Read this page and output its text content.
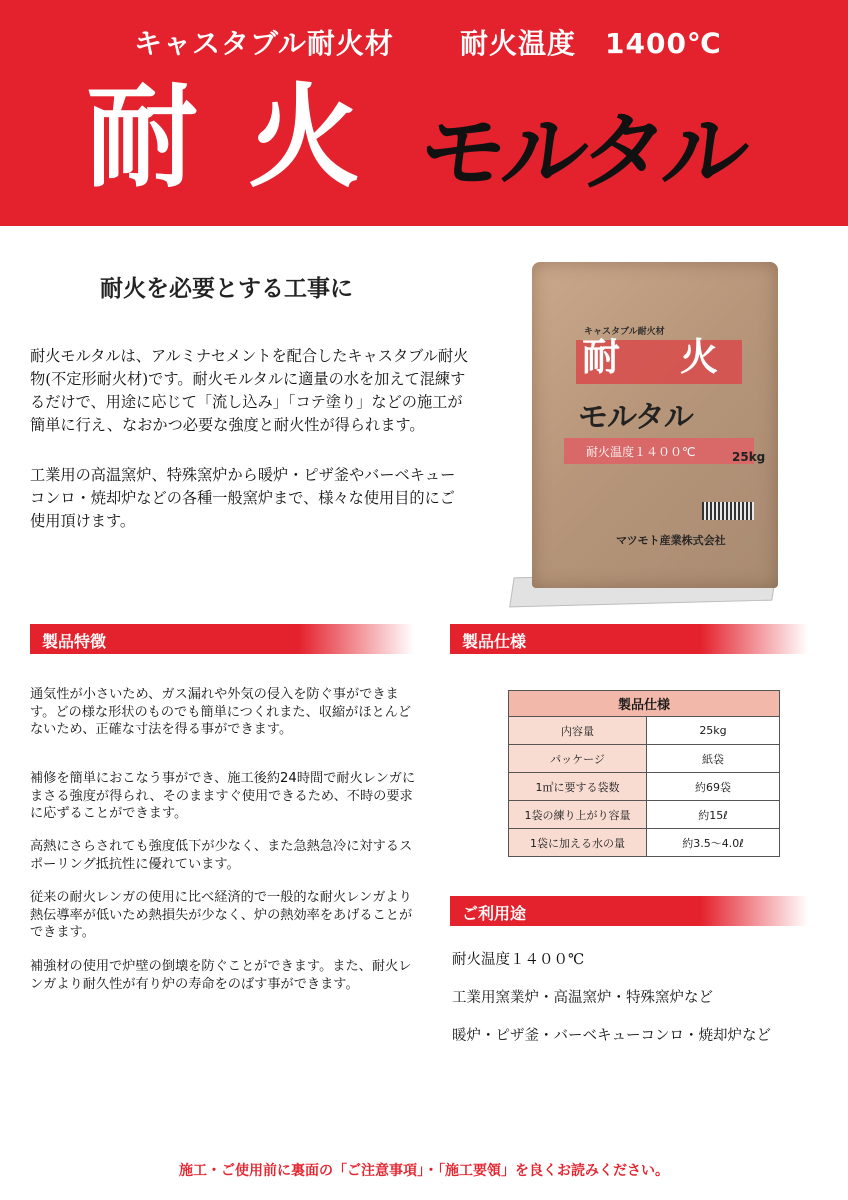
キャスタブル耐火材 耐火温度　1400℃
耐 火 モルタル
耐火を必要とする工事に
耐火モルタルは、アルミナセメントを配合したキャスタブル耐火物(不定形耐火材)です。耐火モルタルに適量の水を加えて混練するだけで、用途に応じて「流し込み」「コテ塗り」などの施工が簡単に行え、なおかつ必要な強度と耐火性が得られます。
工業用の高温窯炉、特殊窯炉から暖炉・ピザ釜やバーベキューコンロ・焼却炉などの各種一般窯炉まで、様々な使用目的にご使用頂けます。
キャスタブル耐火材
耐 火
モルタル
耐火温度１４００℃	25kg
マツモト産業株式会社
製品特徴
通気性が小さいため、ガス漏れや外気の侵入を防ぐ事ができます。どの様な形状のものでも簡単につくれまた、収縮がほとんどないため、正確な寸法を得る事ができます。
補修を簡単におこなう事ができ、施工後約24時間で耐火レンガにまさる強度が得られ、そのまますぐ使用できるため、不時の要求に応ずることができます。
高熱にさらされても強度低下が少なく、また急熱急冷に対するスポーリング抵抗性に優れています。
従来の耐火レンガの使用に比べ経済的で一般的な耐火レンガより熱伝導率が低いため熱損失が少なく、炉の熱効率をあげることができます。
補強材の使用で炉壁の倒壊を防ぐことができます。また、耐火レンガより耐久性が有り炉の寿命をのばす事ができます。
製品仕様
製品仕様	
内容量	25kg
パッケージ	紙袋
1㎥に要する袋数	約69袋
1袋の練り上がり容量	約15ℓ
1袋に加える水の量	約3.5～4.0ℓ
ご利用途
耐火温度１４００℃
工業用窯業炉・高温窯炉・特殊窯炉など
暖炉・ピザ釜・バーベキューコンロ・焼却炉など
施工・ご使用前に裏面の「ご注意事項」・「施工要領」を良くお読みください。
